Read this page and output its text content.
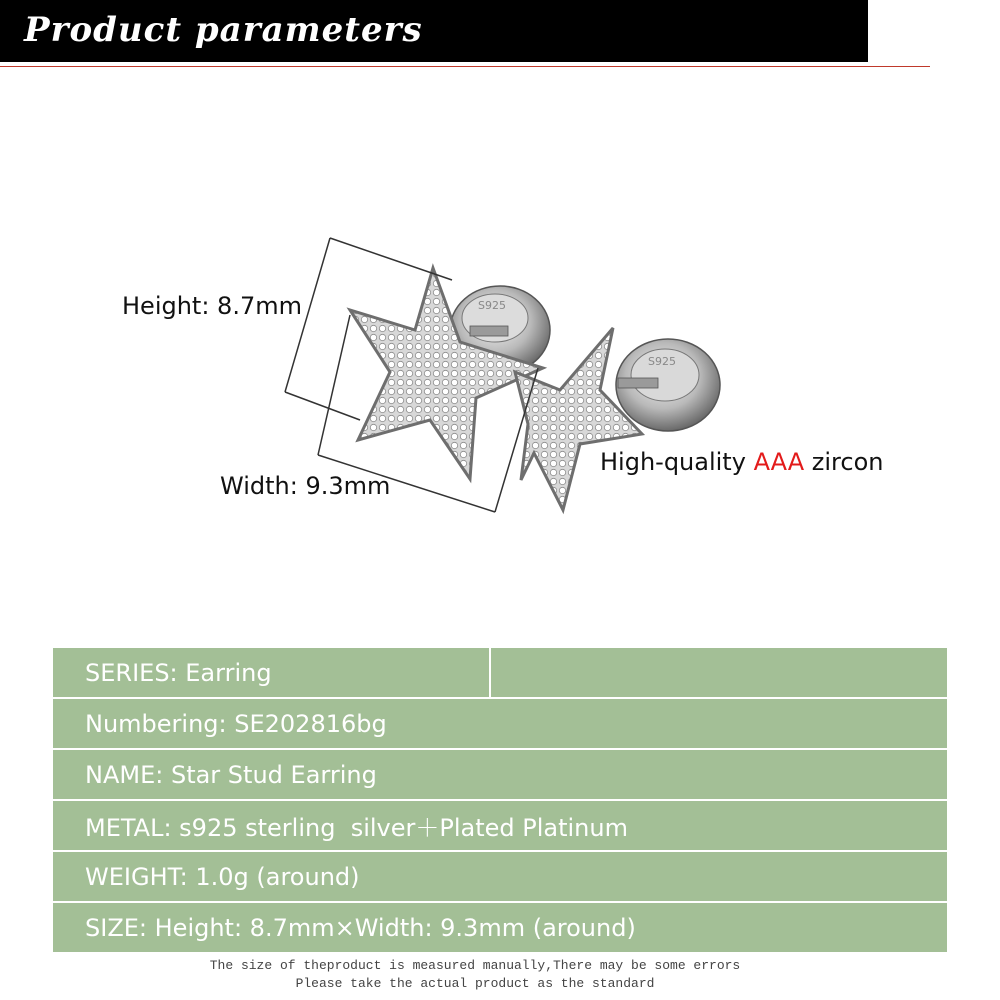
Product parameters
S925
S925
Height: 8.7mm
Width: 9.3mm
High-quality AAA zircon
SERIES: Earring
Numbering: SE202816bg
NAME: Star Stud Earring
METAL: s925 sterling  silver＋Plated Platinum
WEIGHT: 1.0g (around)
SIZE: Height: 8.7mm×Width: 9.3mm (around)
The size of theproduct is measured manually,There may be some errors
Please take the actual product as the standard
